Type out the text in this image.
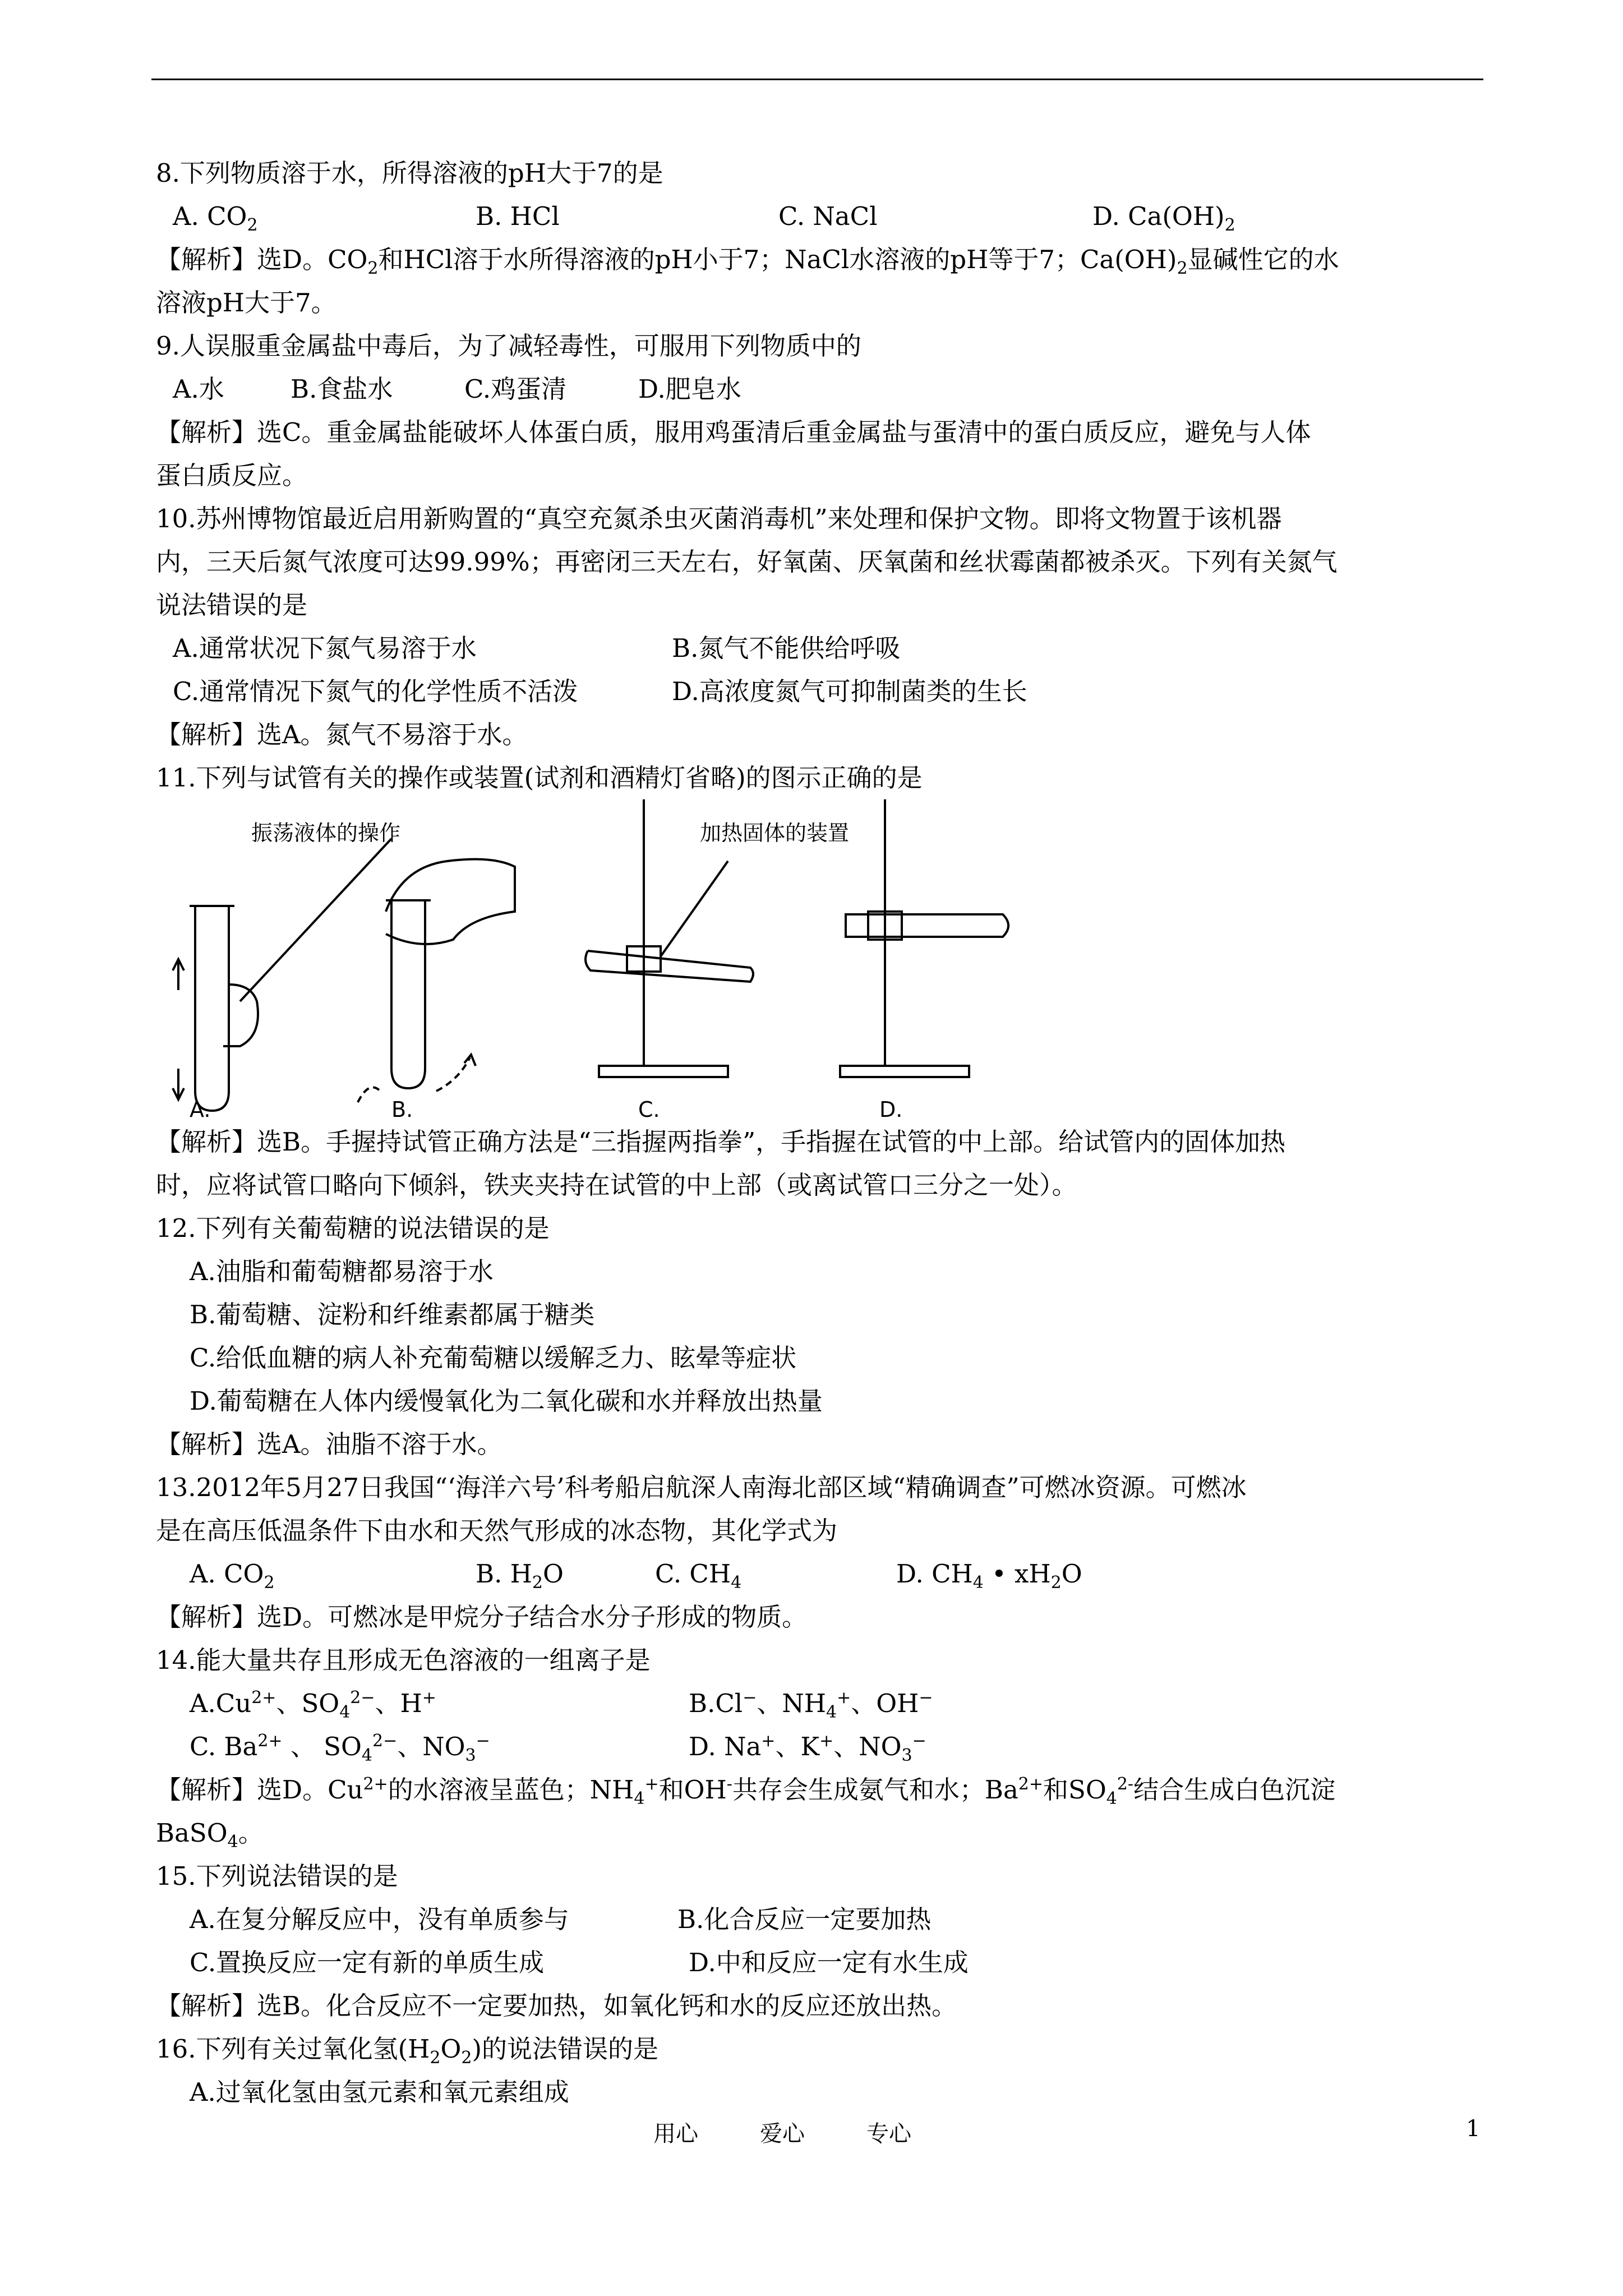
8.下列物质溶于水，所得溶液的pH大于7的是
A. $CO_2$	B. HCl	C. NaCl	D. $Ca(OH)_2$
【解析】选D。$CO_2$和HCl溶于水所得溶液的pH小于7；NaCl水溶液的pH等于7；$Ca(OH)_2$显碱性它的水
溶液pH大于7。
9.人误服重金属盐中毒后，为了减轻毒性，可服用下列物质中的
A.水	B.食盐水	C.鸡蛋清	D.肥皂水
【解析】选C。重金属盐能破坏人体蛋白质，服用鸡蛋清后重金属盐与蛋清中的蛋白质反应，避免与人体
蛋白质反应。
10.苏州博物馆最近启用新购置的“真空充氮杀虫灭菌消毒机”来处理和保护文物。即将文物置于该机器
内，三天后氮气浓度可达99.99%；再密闭三天左右，好氧菌、厌氧菌和丝状霉菌都被杀灭。下列有关氮气
说法错误的是
A.通常状况下氮气易溶于水	B.氮气不能供给呼吸
C.通常情况下氮气的化学性质不活泼	D.高浓度氮气可抑制菌类的生长
【解析】选A。氮气不易溶于水。
11.下列与试管有关的操作或装置(试剂和酒精灯省略)的图示正确的是
振荡液体的操作	加热固体的装置
A.	B.	C.	D.
【解析】选B。手握持试管正确方法是“三指握两指拳”，手指握在试管的中上部。给试管内的固体加热
时，应将试管口略向下倾斜，铁夹夹持在试管的中上部（或离试管口三分之一处）。
12.下列有关葡萄糖的说法错误的是
A.油脂和葡萄糖都易溶于水
B.葡萄糖、淀粉和纤维素都属于糖类
C.给低血糖的病人补充葡萄糖以缓解乏力、眩晕等症状
D.葡萄糖在人体内缓慢氧化为二氧化碳和水并释放出热量
【解析】选A。油脂不溶于水。
13.2012年5月27日我国“‘海洋六号’科考船启航深人南海北部区域“精确调查”可燃冰资源。可燃冰
是在高压低温条件下由水和天然气形成的冰态物，其化学式为
A. $CO_2$	B. $H_2O$	C. $CH_4$	D. $CH_4$ • $xH_2O$
【解析】选D。可燃冰是甲烷分子结合水分子形成的物质。
14.能大量共存且形成无色溶液的一组离子是
$A.Cu^{2+}$、$SO_4^{2-}$、H+	B.Cl−、$NH_4^+$、OH−
C. $Ba^{2+}$ 、 $SO_4^{2-}$、$NO_3^-$	D. Na+、K+、$NO_3^-$
【解析】选D。$Cu^{2+}$的水溶液呈蓝色；$NH_4^+$和OH-共存会生成氨气和水；$Ba^{2+}$和$SO_4^{2-}$结合生成白色沉淀
BaSO$_4$。
15.下列说法错误的是
A.在复分解反应中，没有单质参与	B.化合反应一定要加热
C.置换反应一定有新的单质生成	D.中和反应一定有水生成
【解析】选B。化合反应不一定要加热，如氧化钙和水的反应还放出热。
16.下列有关过氧化氢$(H_2O_2)$的说法错误的是
A.过氧化氢由氢元素和氧元素组成
用心	爱心	专心	1
